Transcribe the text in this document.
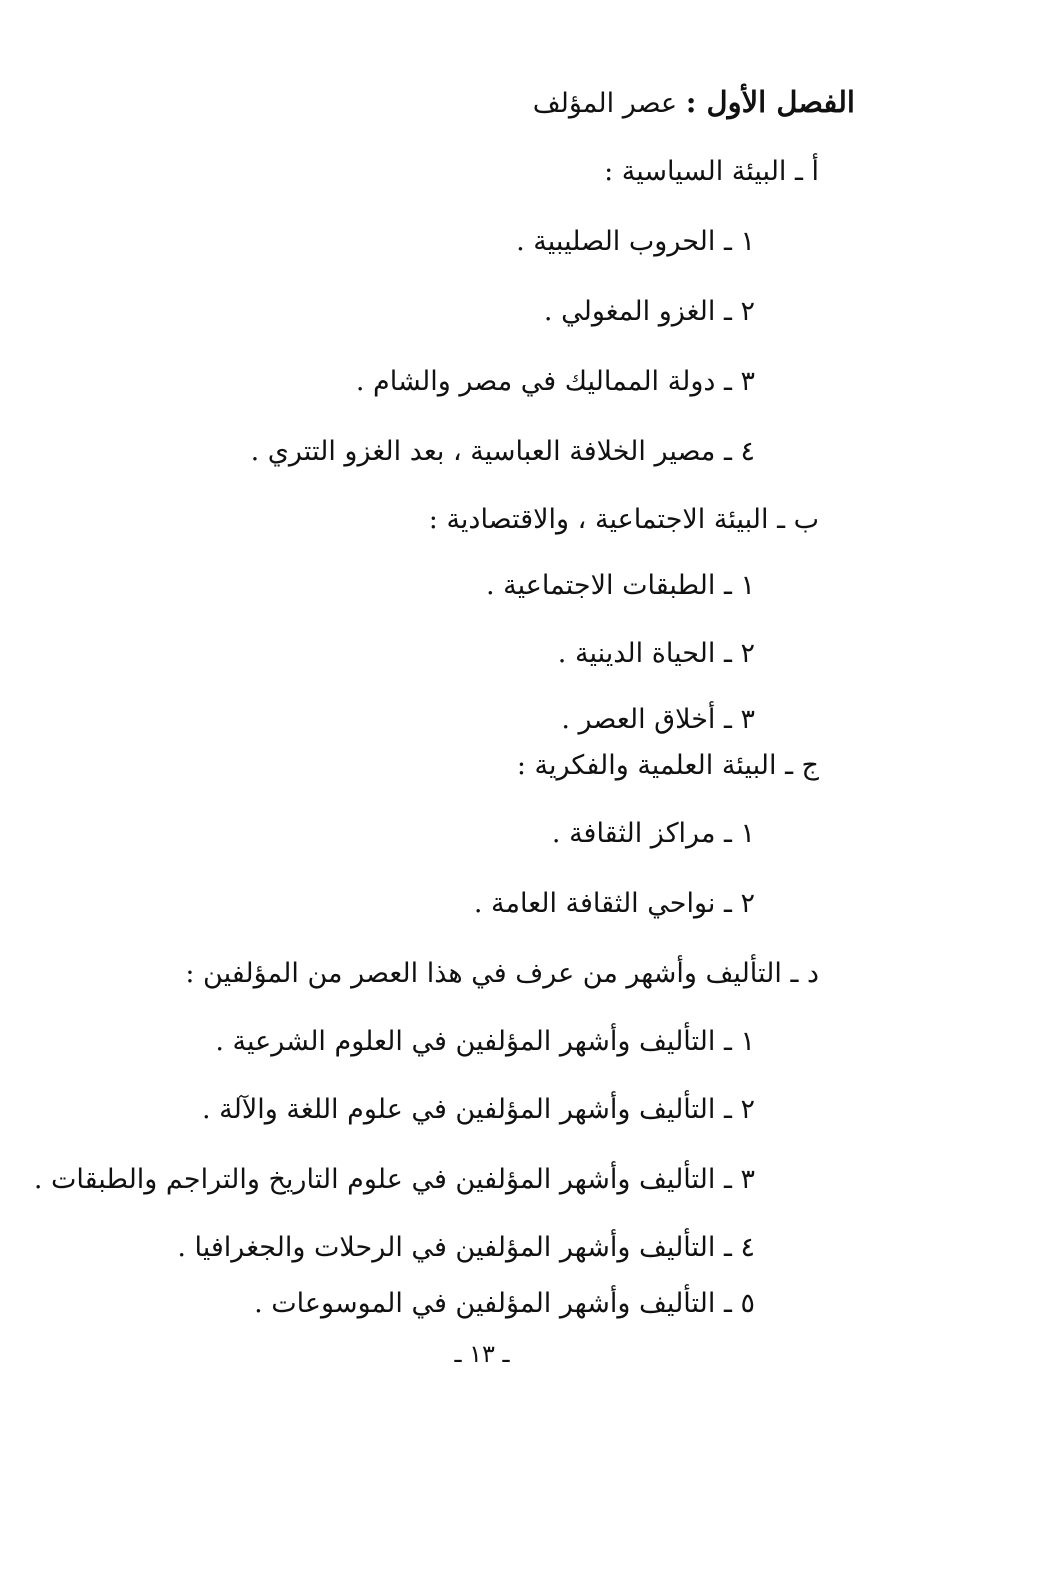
الفصل الأول : عصر المؤلف
أ ـ البيئة السياسية :
١ ـ الحروب الصليبية .
٢ ـ الغزو المغولي .
٣ ـ دولة المماليك في مصر والشام .
٤ ـ مصير الخلافة العباسية ، بعد الغزو التتري .
ب ـ البيئة الاجتماعية ، والاقتصادية :
١ ـ الطبقات الاجتماعية .
٢ ـ الحياة الدينية .
٣ ـ أخلاق العصر .
ج ـ البيئة العلمية والفكرية :
١ ـ مراكز الثقافة .
٢ ـ نواحي الثقافة العامة .
د ـ التأليف وأشهر من عرف في هذا العصر من المؤلفين :
١ ـ التأليف وأشهر المؤلفين في العلوم الشرعية .
٢ ـ التأليف وأشهر المؤلفين في علوم اللغة والآلة .
٣ ـ التأليف وأشهر المؤلفين في علوم التاريخ والتراجم والطبقات .
٤ ـ التأليف وأشهر المؤلفين في الرحلات والجغرافيا .
٥ ـ التأليف وأشهر المؤلفين في الموسوعات .
ـ ١٣ ـ
